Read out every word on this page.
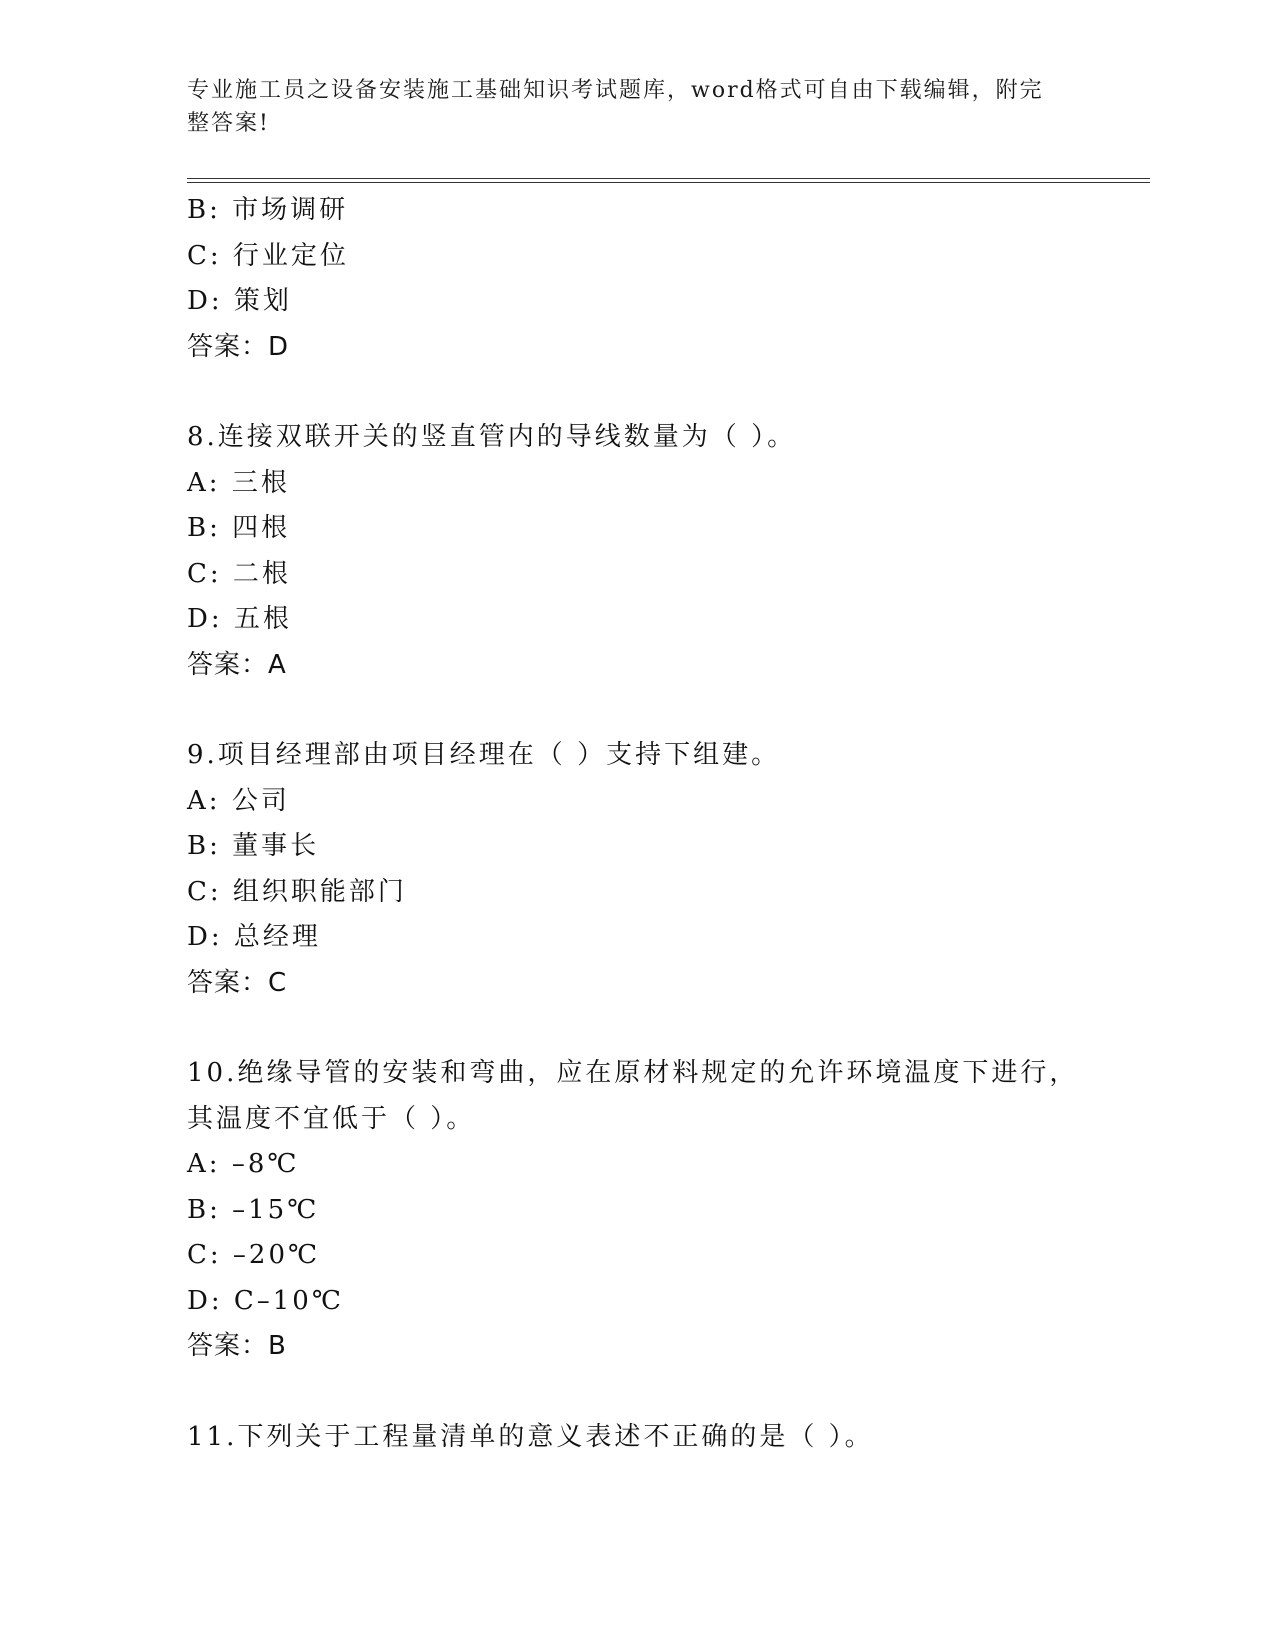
专业施工员之设备安装施工基础知识考试题库，word格式可自由下载编辑，附完
整答案!
B: 市场调研
C: 行业定位
D: 策划
答案：D
8.连接双联开关的竖直管内的导线数量为（ ）。
A: 三根
B: 四根
C: 二根
D: 五根
答案：A
9.项目经理部由项目经理在（ ）支持下组建。
A: 公司
B: 董事长
C: 组织职能部门
D: 总经理
答案：C
10.绝缘导管的安装和弯曲，应在原材料规定的允许环境温度下进行，
其温度不宜低于（ ）。
A: –8℃
B: –15℃
C: –20℃
D: C–10℃
答案：B
11.下列关于工程量清单的意义表述不正确的是（ ）。
